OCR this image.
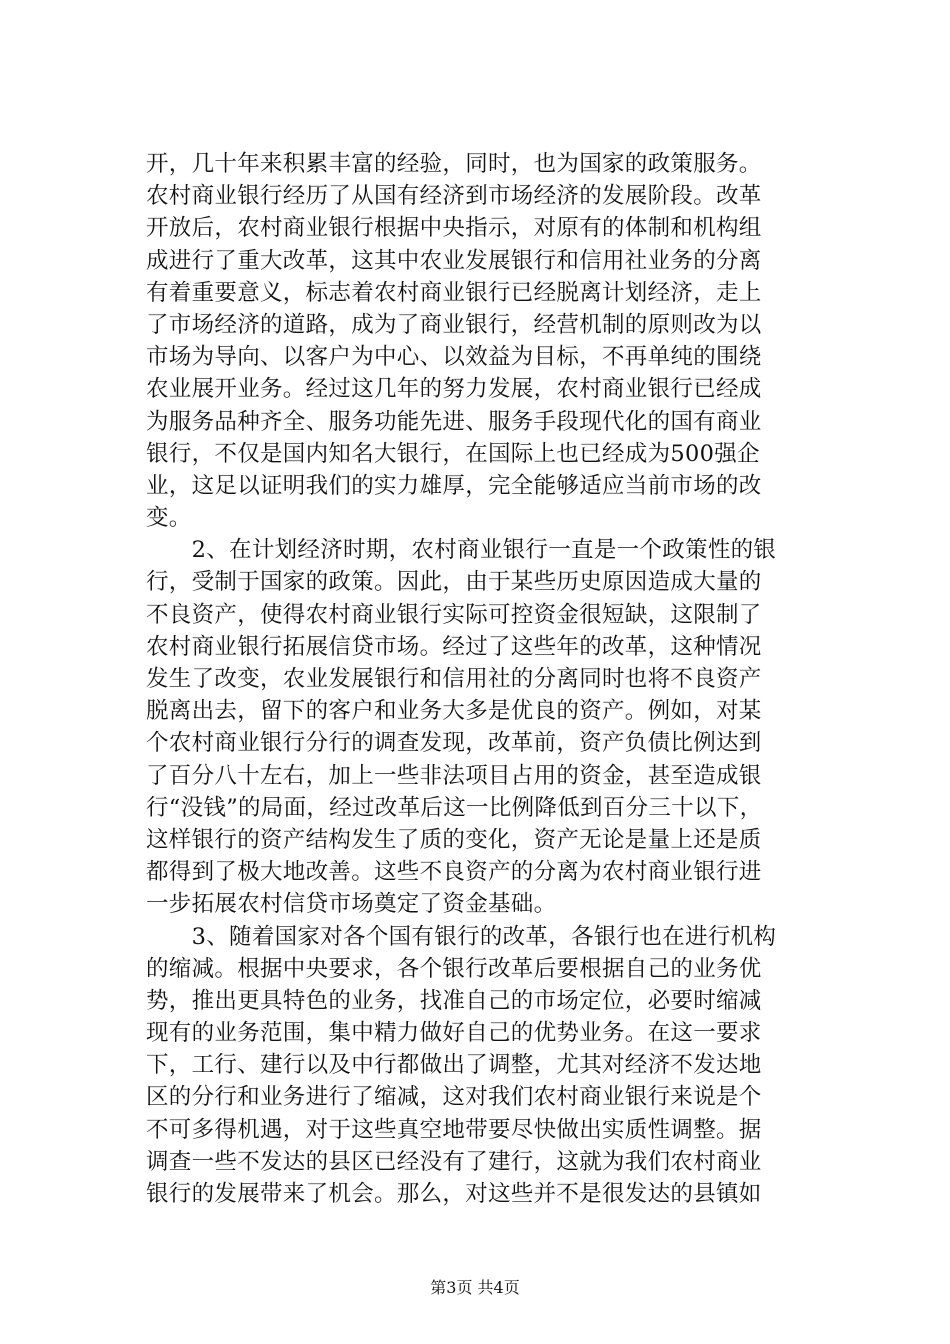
开，几十年来积累丰富的经验，同时，也为国家的政策服务。
农村商业银行经历了从国有经济到市场经济的发展阶段。改革
开放后，农村商业银行根据中央指示，对原有的体制和机构组
成进行了重大改革，这其中农业发展银行和信用社业务的分离
有着重要意义，标志着农村商业银行已经脱离计划经济，走上
了市场经济的道路，成为了商业银行，经营机制的原则改为以
市场为导向、以客户为中心、以效益为目标，不再单纯的围绕
农业展开业务。经过这几年的努力发展，农村商业银行已经成
为服务品种齐全、服务功能先进、服务手段现代化的国有商业
银行，不仅是国内知名大银行，在国际上也已经成为500强企
业，这足以证明我们的实力雄厚，完全能够适应当前市场的改
变。
　　2、在计划经济时期，农村商业银行一直是一个政策性的银
行，受制于国家的政策。因此，由于某些历史原因造成大量的
不良资产，使得农村商业银行实际可控资金很短缺，这限制了
农村商业银行拓展信贷市场。经过了这些年的改革，这种情况
发生了改变，农业发展银行和信用社的分离同时也将不良资产
脱离出去，留下的客户和业务大多是优良的资产。例如，对某
个农村商业银行分行的调查发现，改革前，资产负债比例达到
了百分八十左右，加上一些非法项目占用的资金，甚至造成银
行“没钱”的局面，经过改革后这一比例降低到百分三十以下，
这样银行的资产结构发生了质的变化，资产无论是量上还是质
都得到了极大地改善。这些不良资产的分离为农村商业银行进
一步拓展农村信贷市场奠定了资金基础。
　　3、随着国家对各个国有银行的改革，各银行也在进行机构
的缩减。根据中央要求，各个银行改革后要根据自己的业务优
势，推出更具特色的业务，找准自己的市场定位，必要时缩减
现有的业务范围，集中精力做好自己的优势业务。在这一要求
下，工行、建行以及中行都做出了调整，尤其对经济不发达地
区的分行和业务进行了缩减，这对我们农村商业银行来说是个
不可多得机遇，对于这些真空地带要尽快做出实质性调整。据
调查一些不发达的县区已经没有了建行，这就为我们农村商业
银行的发展带来了机会。那么，对这些并不是很发达的县镇如
第3页 共4页
